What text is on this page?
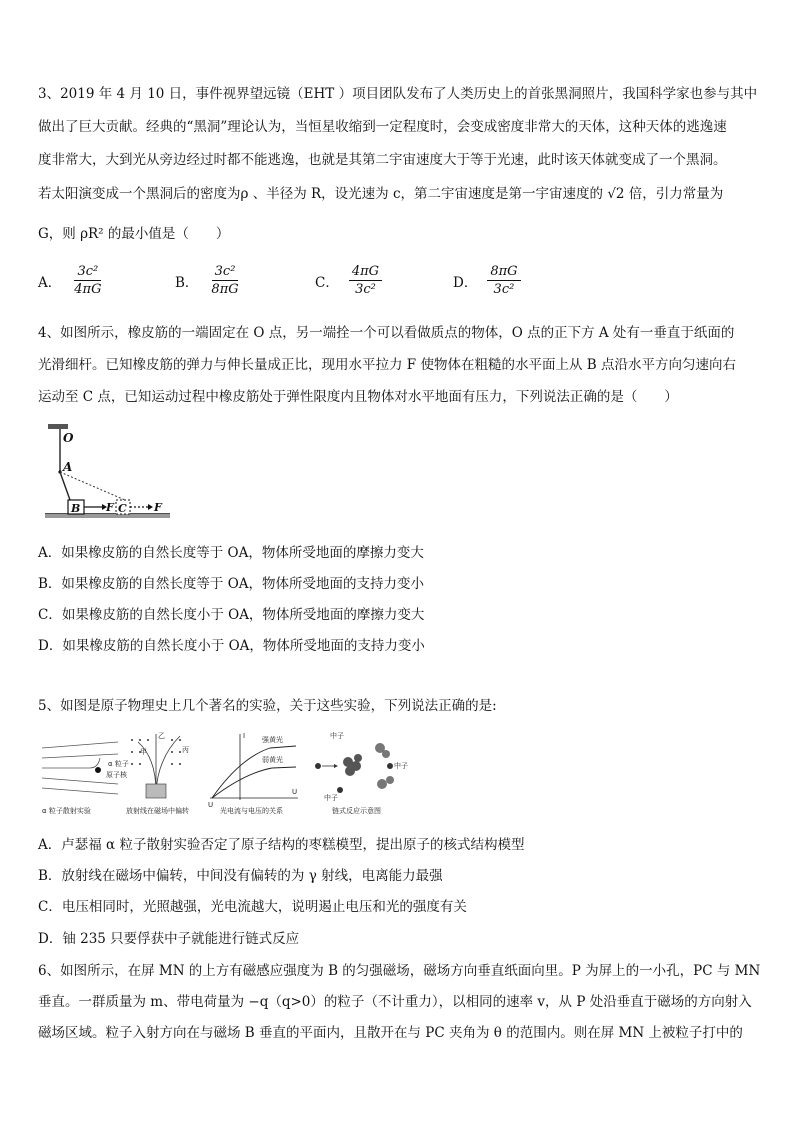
3、2019 年 4 月 10 日，事件视界望远镜（EHT ）项目团队发布了人类历史上的首张黑洞照片，我国科学家也参与其中
做出了巨大贡献。经典的“黑洞”理论认为，当恒星收缩到一定程度时，会变成密度非常大的天体，这种天体的逃逸速
度非常大，大到光从旁边经过时都不能逃逸，也就是其第二宇宙速度大于等于光速，此时该天体就变成了一个黑洞。
若太阳演变成一个黑洞后的密度为ρ 、半径为 R，设光速为 c，第二宇宙速度是第一宇宙速度的 √2 倍，引力常量为
G，则 ρR² 的最小值是（　　）
A． $\frac{\text{3c²}}{4\pi G}$	B． $\frac{\text{3c²}}{8\pi G}$	C． $\frac{4\pi G}{\text{3c²}}$	D． $\frac{8\pi G}{\text{3c²}}$
4、如图所示，橡皮筋的一端固定在 O 点，另一端拴一个可以看做质点的物体，O 点的正下方 A 处有一垂直于纸面的
光滑细杆。已知橡皮筋的弹力与伸长量成正比，现用水平拉力 F 使物体在粗糙的水平面上从 B 点沿水平方向匀速向右
运动至 C 点，已知运动过程中橡皮筋处于弹性限度内且物体对水平地面有压力，下列说法正确的是（　　）
O
A
B F C F
A．如果橡皮筋的自然长度等于 OA，物体所受地面的摩擦力变大
B．如果橡皮筋的自然长度等于 OA，物体所受地面的支持力变小
C．如果橡皮筋的自然长度小于 OA，物体所受地面的摩擦力变大
D．如果橡皮筋的自然长度小于 OA，物体所受地面的支持力变小
5、如图是原子物理史上几个著名的实验，关于这些实验，下列说法正确的是:
α 粒子
原子核
α 粒子散射实验
甲
乙
丙
放射线在磁场中偏转
I
U
U
强黄光
弱黄光
光电流与电压的关系
中子
中子
中子
链式反应示意图
A．卢瑟福 α 粒子散射实验否定了原子结构的枣糕模型，提出原子的核式结构模型
B．放射线在磁场中偏转，中间没有偏转的为 γ 射线，电离能力最强
C．电压相同时，光照越强，光电流越大，说明遏止电压和光的强度有关
D．铀 235 只要俘获中子就能进行链式反应
6、如图所示，在屏 MN 的上方有磁感应强度为 B 的匀强磁场，磁场方向垂直纸面向里。P 为屏上的一小孔，PC 与 MN
垂直。一群质量为 m、带电荷量为 −q（q>0）的粒子（不计重力），以相同的速率 v，从 P 处沿垂直于磁场的方向射入
磁场区域。粒子入射方向在与磁场 B 垂直的平面内，且散开在与 PC 夹角为 θ 的范围内。则在屏 MN 上被粒子打中的
